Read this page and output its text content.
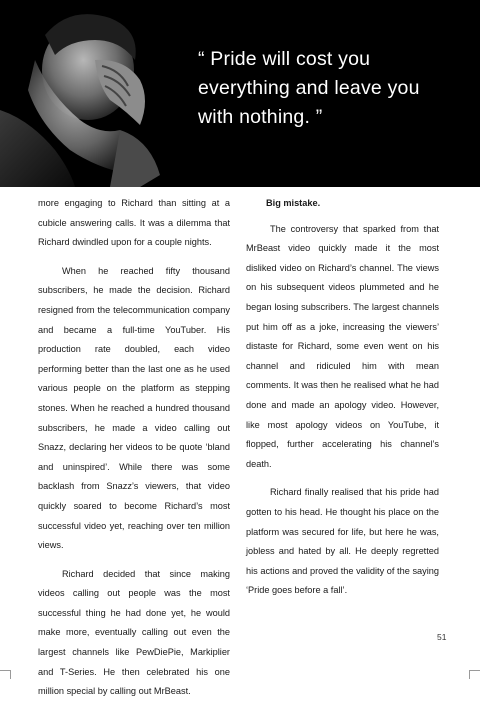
“ Pride will cost you
everything and leave you
with nothing. ”

more engaging to Richard than sitting at a cubicle answering calls. It was a dilemma that Richard dwindled upon for a couple nights.

When he reached fifty thousand subscribers, he made the decision. Richard resigned from the telecommunication company and became a full-time YouTuber. His production rate doubled, each video performing better than the last one as he used various people on the platform as stepping stones. When he reached a hundred thousand subscribers, he made a video calling out Snazz, declaring her videos to be quote ‘bland and uninspired’. While there was some backlash from Snazz’s viewers, that video quickly soared to become Richard’s most successful video yet, reaching over ten million views.

Richard decided that since making videos calling out people was the most successful thing he had done yet, he would make more, eventually calling out even the largest channels like PewDiePie, Markiplier and T-Series. He then celebrated his one million special by calling out MrBeast.

Big mistake.

The controversy that sparked from that MrBeast video quickly made it the most disliked video on Richard’s channel. The views on his subsequent videos plummeted and he began losing subscribers. The largest channels put him off as a joke, increasing the viewers’ distaste for Richard, some even went on his channel and ridiculed him with mean comments. It was then he realised what he had done and made an apology video. However, like most apology videos on YouTube, it flopped, further accelerating his channel’s death.

Richard finally realised that his pride had gotten to his head. He thought his place on the platform was secured for life, but here he was, jobless and hated by all. He deeply regretted his actions and proved the validity of the saying ‘Pride goes before a fall’.

51
